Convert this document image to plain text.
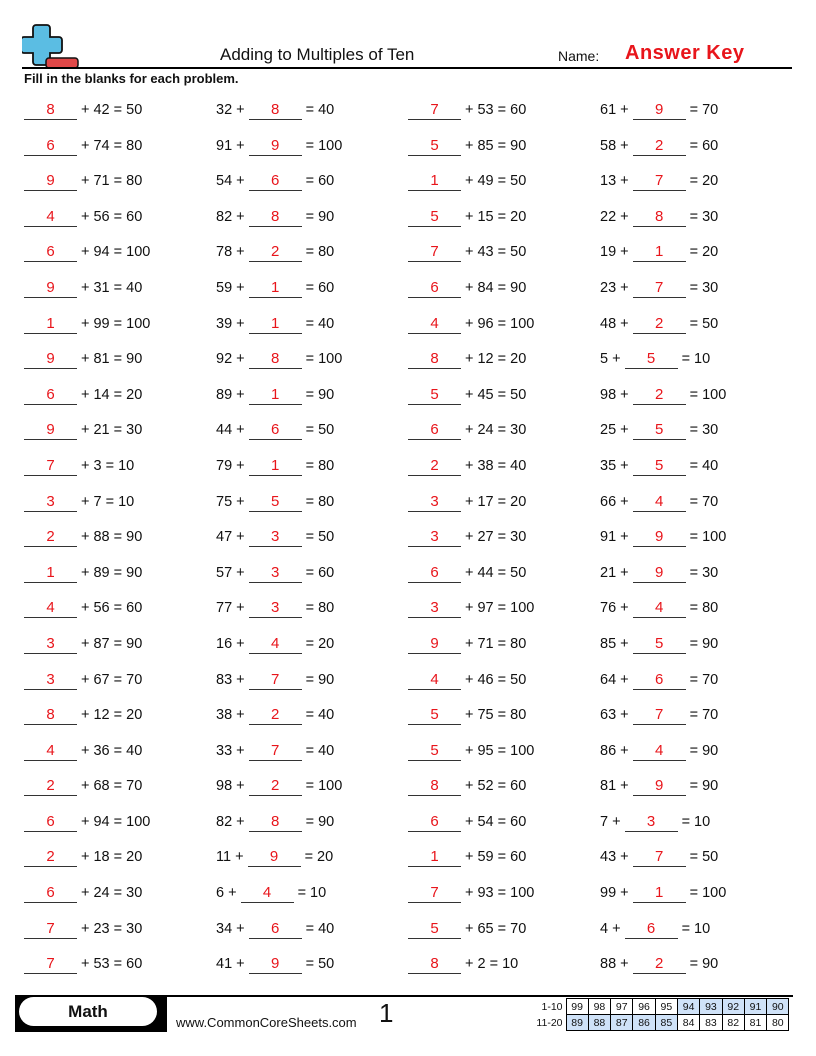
Adding to Multiples of Ten	Name: Answer Key
Fill in the blanks for each problem.
8	+ 42 = 50	32 +	8	= 40	7	+ 53 = 60	61 +	9	= 70
6	+ 74 = 80	91 +	9	= 100	5	+ 85 = 90	58 +	2	= 60
9	+ 71 = 80	54 +	6	= 60	1	+ 49 = 50	13 +	7	= 20
4	+ 56 = 60	82 +	8	= 90	5	+ 15 = 20	22 +	8	= 30
6	+ 94 = 100	78 +	2	= 80	7	+ 43 = 50	19 +	1	= 20
9	+ 31 = 40	59 +	1	= 60	6	+ 84 = 90	23 +	7	= 30
1	+ 99 = 100	39 +	1	= 40	4	+ 96 = 100	48 +	2	= 50
9	+ 81 = 90	92 +	8	= 100	8	+ 12 = 20	5 +	5	= 10
6	+ 14 = 20	89 +	1	= 90	5	+ 45 = 50	98 +	2	= 100
9	+ 21 = 30	44 +	6	= 50	6	+ 24 = 30	25 +	5	= 30
7	+ 3 = 10	79 +	1	= 80	2	+ 38 = 40	35 +	5	= 40
3	+ 7 = 10	75 +	5	= 80	3	+ 17 = 20	66 +	4	= 70
2	+ 88 = 90	47 +	3	= 50	3	+ 27 = 30	91 +	9	= 100
1	+ 89 = 90	57 +	3	= 60	6	+ 44 = 50	21 +	9	= 30
4	+ 56 = 60	77 +	3	= 80	3	+ 97 = 100	76 +	4	= 80
3	+ 87 = 90	16 +	4	= 20	9	+ 71 = 80	85 +	5	= 90
3	+ 67 = 70	83 +	7	= 90	4	+ 46 = 50	64 +	6	= 70
8	+ 12 = 20	38 +	2	= 40	5	+ 75 = 80	63 +	7	= 70
4	+ 36 = 40	33 +	7	= 40	5	+ 95 = 100	86 +	4	= 90
2	+ 68 = 70	98 +	2	= 100	8	+ 52 = 60	81 +	9	= 90
6	+ 94 = 100	82 +	8	= 90	6	+ 54 = 60	7 +	3	= 10
2	+ 18 = 20	11 +	9	= 20	1	+ 59 = 60	43 +	7	= 50
6	+ 24 = 30	6 +	4	= 10	7	+ 93 = 100	99 +	1	= 100
7	+ 23 = 30	34 +	6	= 40	5	+ 65 = 70	4 +	6	= 10
7	+ 53 = 60	41 +	9	= 50	8	+ 2 = 10	88 +	2	= 90
Math
www.CommonCoreSheets.com 1	1-10	99	98	97	96	95	94	93	92	91	90
11-20	89	88	87	86	85	84	83	82	81	80
